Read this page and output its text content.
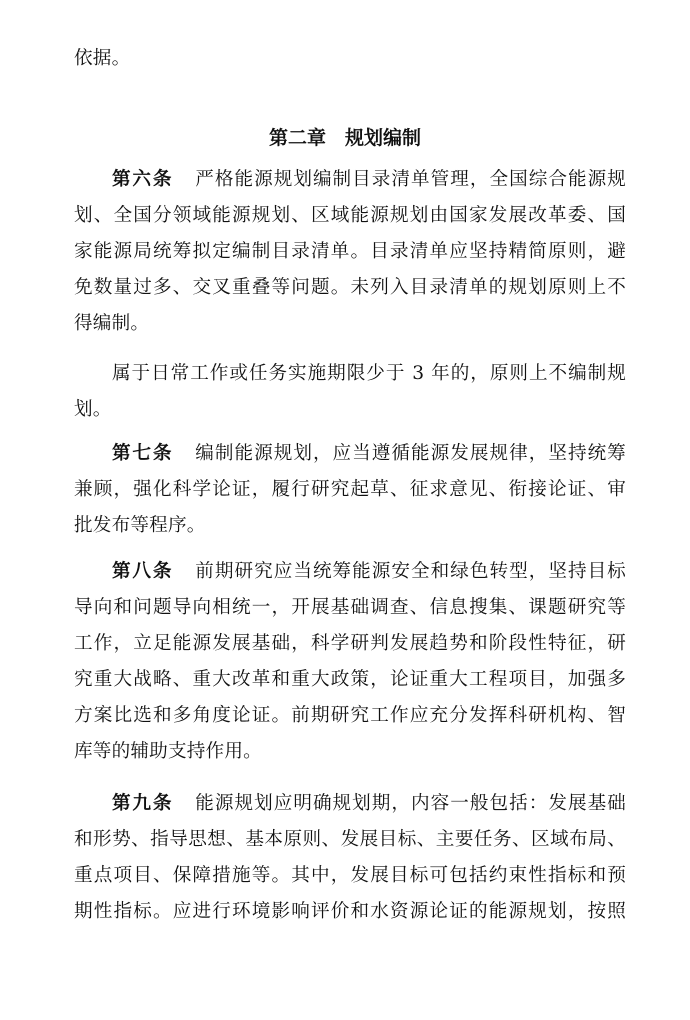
依据。
第二章　规划编制
第六条 严格能源规划编制目录清单管理，全国综合能源规
划、全国分领域能源规划、区域能源规划由国家发展改革委、国
家能源局统筹拟定编制目录清单。目录清单应坚持精简原则，避
免数量过多、交叉重叠等问题。未列入目录清单的规划原则上不
得编制。
属于日常工作或任务实施期限少于 3 年的，原则上不编制规
划。
第七条 编制能源规划，应当遵循能源发展规律，坚持统筹
兼顾，强化科学论证，履行研究起草、征求意见、衔接论证、审
批发布等程序。
第八条 前期研究应当统筹能源安全和绿色转型，坚持目标
导向和问题导向相统一，开展基础调查、信息搜集、课题研究等
工作，立足能源发展基础，科学研判发展趋势和阶段性特征，研
究重大战略、重大改革和重大政策，论证重大工程项目，加强多
方案比选和多角度论证。前期研究工作应充分发挥科研机构、智
库等的辅助支持作用。
第九条 能源规划应明确规划期，内容一般包括：发展基础
和形势、指导思想、基本原则、发展目标、主要任务、区域布局、
重点项目、保障措施等。其中，发展目标可包括约束性指标和预
期性指标。应进行环境影响评价和水资源论证的能源规划，按照
